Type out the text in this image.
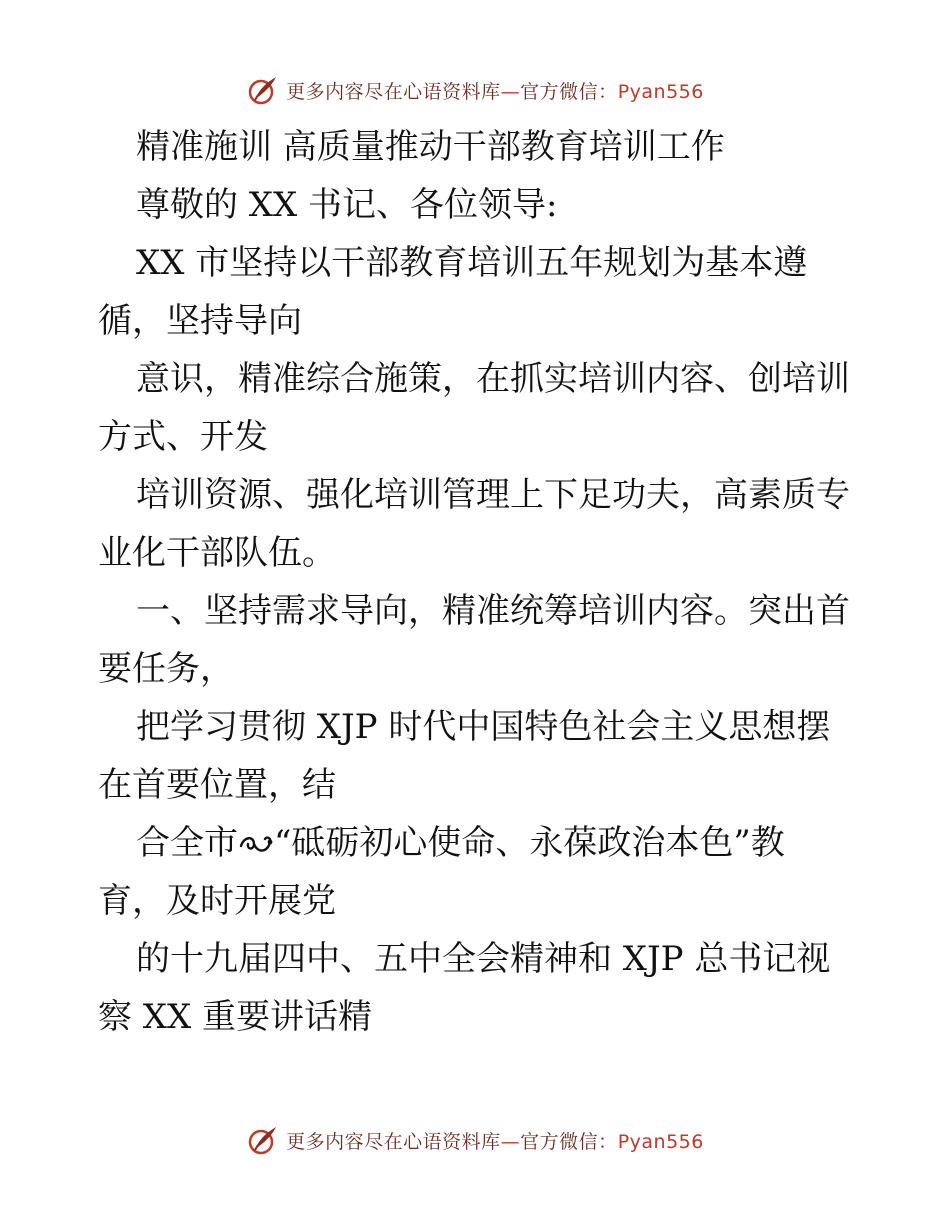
更多内容尽在心语资料库—官方微信：Pyan556
精准施训 高质量推动干部教育培训工作
尊敬的 XX 书记、各位领导:
XX 市坚持以干部教育培训五年规划为基本遵
循，坚持导向
意识，精准综合施策，在抓实培训内容、创培训
方式、开发
培训资源、强化培训管理上下足功夫，高素质专
业化干部队伍。
一、坚持需求导向，精准统筹培训内容。突出首
要任务，
把学习贯彻 XJP 时代中国特色社会主义思想摆
在首要位置，结
合全市 “砥砺初心使命、永葆政治本色”教
育，及时开展党
的十九届四中、五中全会精神和 XJP 总书记视
察 XX 重要讲话精
更多内容尽在心语资料库—官方微信：Pyan556
